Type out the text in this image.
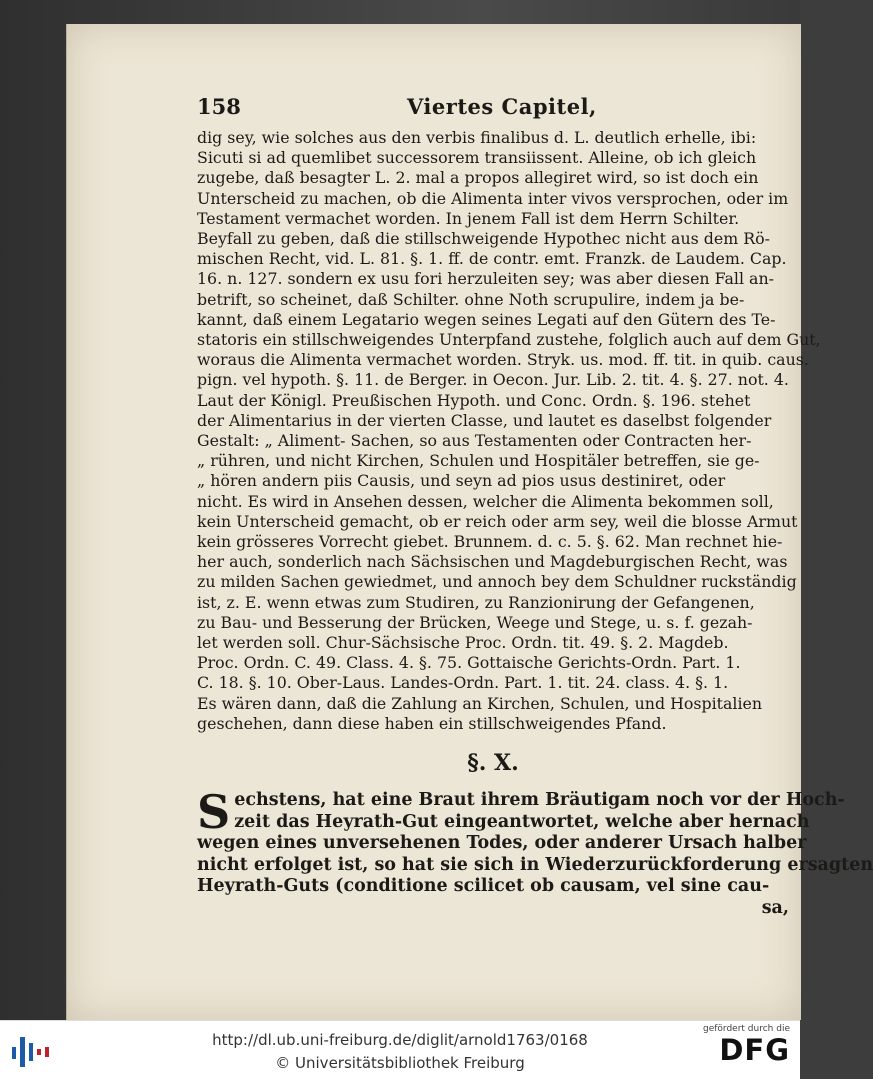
158	Viertes Capitel,
dig sey, wie solches aus den verbis finalibus d. L. deutlich erhelle, ibi:
Sicuti si ad quemlibet successorem transiissent. Alleine, ob ich gleich
zugebe, daß besagter L. 2. mal a propos allegiret wird, so ist doch ein
Unterscheid zu machen, ob die Alimenta inter vivos versprochen, oder im
Testament vermachet worden. In jenem Fall ist dem Herrn Schilter.
Beyfall zu geben, daß die stillschweigende Hypothec nicht aus dem Rö-
mischen Recht, vid. L. 81. §. 1. ff. de contr. emt. Franzk. de Laudem. Cap.
16. n. 127. sondern ex usu fori herzuleiten sey; was aber diesen Fall an-
betrift, so scheinet, daß Schilter. ohne Noth scrupulire, indem ja be-
kannt, daß einem Legatario wegen seines Legati auf den Gütern des Te-
statoris ein stillschweigendes Unterpfand zustehe, folglich auch auf dem Gut,
woraus die Alimenta vermachet worden. Stryk. us. mod. ff. tit. in quib. caus.
pign. vel hypoth. §. 11. de Berger. in Oecon. Jur. Lib. 2. tit. 4. §. 27. not. 4.
Laut der Königl. Preußischen Hypoth. und Conc. Ordn. §. 196. stehet
der Alimentarius in der vierten Classe, und lautet es daselbst folgender
Gestalt: „ Aliment- Sachen, so aus Testamenten oder Contracten her-
„ rühren, und nicht Kirchen, Schulen und Hospitäler betreffen, sie ge-
„ hören andern piis Causis, und seyn ad pios usus destiniret, oder
nicht. Es wird in Ansehen dessen, welcher die Alimenta bekommen soll,
kein Unterscheid gemacht, ob er reich oder arm sey, weil die blosse Armut
kein grösseres Vorrecht giebet. Brunnem. d. c. 5. §. 62. Man rechnet hie-
her auch, sonderlich nach Sächsischen und Magdeburgischen Recht, was
zu milden Sachen gewiedmet, und annoch bey dem Schuldner ruckständig
ist, z. E. wenn etwas zum Studiren, zu Ranzionirung der Gefangenen,
zu Bau- und Besserung der Brücken, Weege und Stege, u. s. f. gezah-
let werden soll. Chur-Sächsische Proc. Ordn. tit. 49. §. 2. Magdeb.
Proc. Ordn. C. 49. Class. 4. §. 75. Gottaische Gerichts-Ordn. Part. 1.
C. 18. §. 10. Ober-Laus. Landes-Ordn. Part. 1. tit. 24. class. 4. §. 1.
Es wären dann, daß die Zahlung an Kirchen, Schulen, und Hospitalien
geschehen, dann diese haben ein stillschweigendes Pfand.
§. X.
S echstens, hat eine Braut ihrem Bräutigam noch vor der Hoch-
zeit das Heyrath-Gut eingeantwortet, welche aber hernach
wegen eines unversehenen Todes, oder anderer Ursach halber
nicht erfolget ist, so hat sie sich in Wiederzurückforderung ersagten
Heyrath-Guts (conditione scilicet ob causam, vel sine cau-
sa,
http://dl.ub.uni-freiburg.de/diglit/arnold1763/0168
© Universitätsbibliothek Freiburg
gefördert durch die
DFG
